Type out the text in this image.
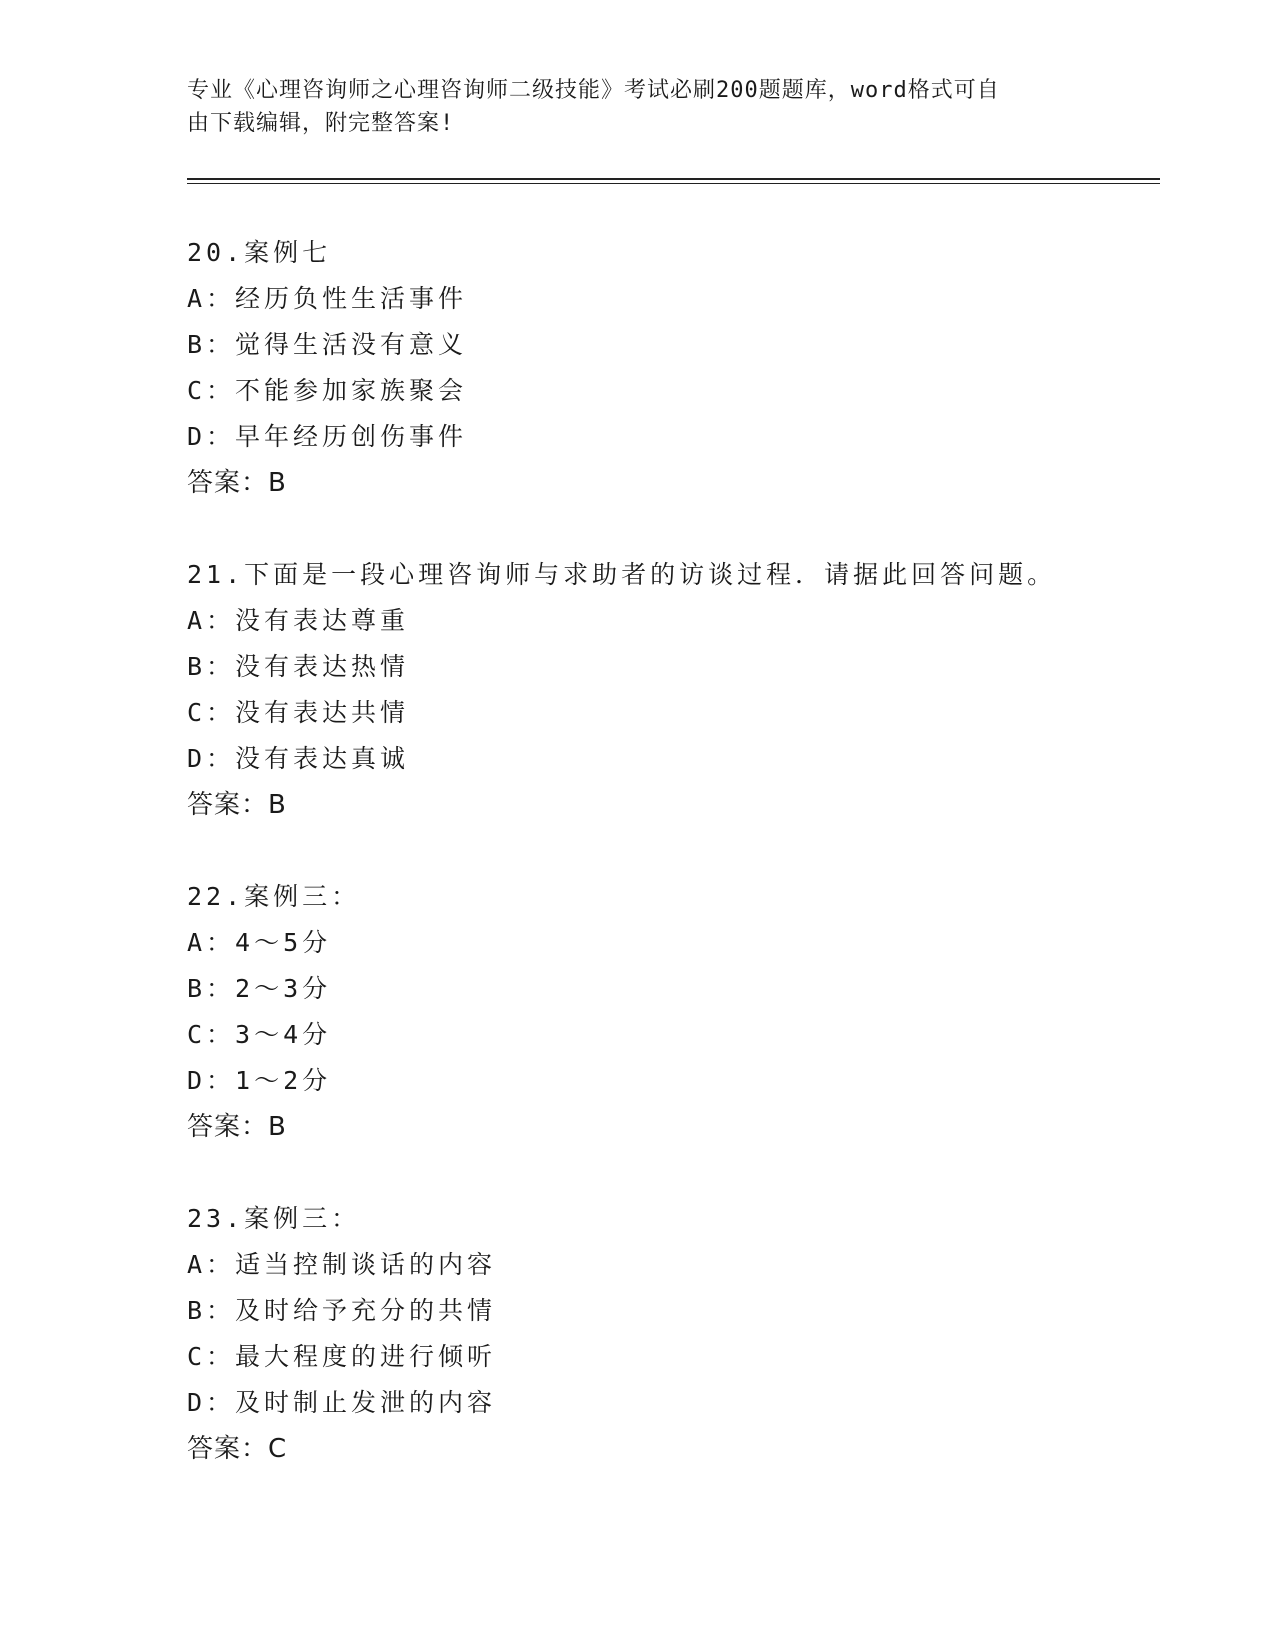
专业《心理咨询师之心理咨询师二级技能》考试必刷200题题库，word格式可自
由下载编辑，附完整答案!
20.案例七
A：经历负性生活事件
B：觉得生活没有意义
C：不能参加家族聚会
D：早年经历创伤事件
答案：B
21.下面是一段心理咨询师与求助者的访谈过程．请据此回答问题。
A：没有表达尊重
B：没有表达热情
C：没有表达共情
D：没有表达真诚
答案：B
22.案例三：
A：4～5分
B：2～3分
C：3～4分
D：1～2分
答案：B
23.案例三：
A：适当控制谈话的内容
B：及时给予充分的共情
C：最大程度的进行倾听
D：及时制止发泄的内容
答案：C
